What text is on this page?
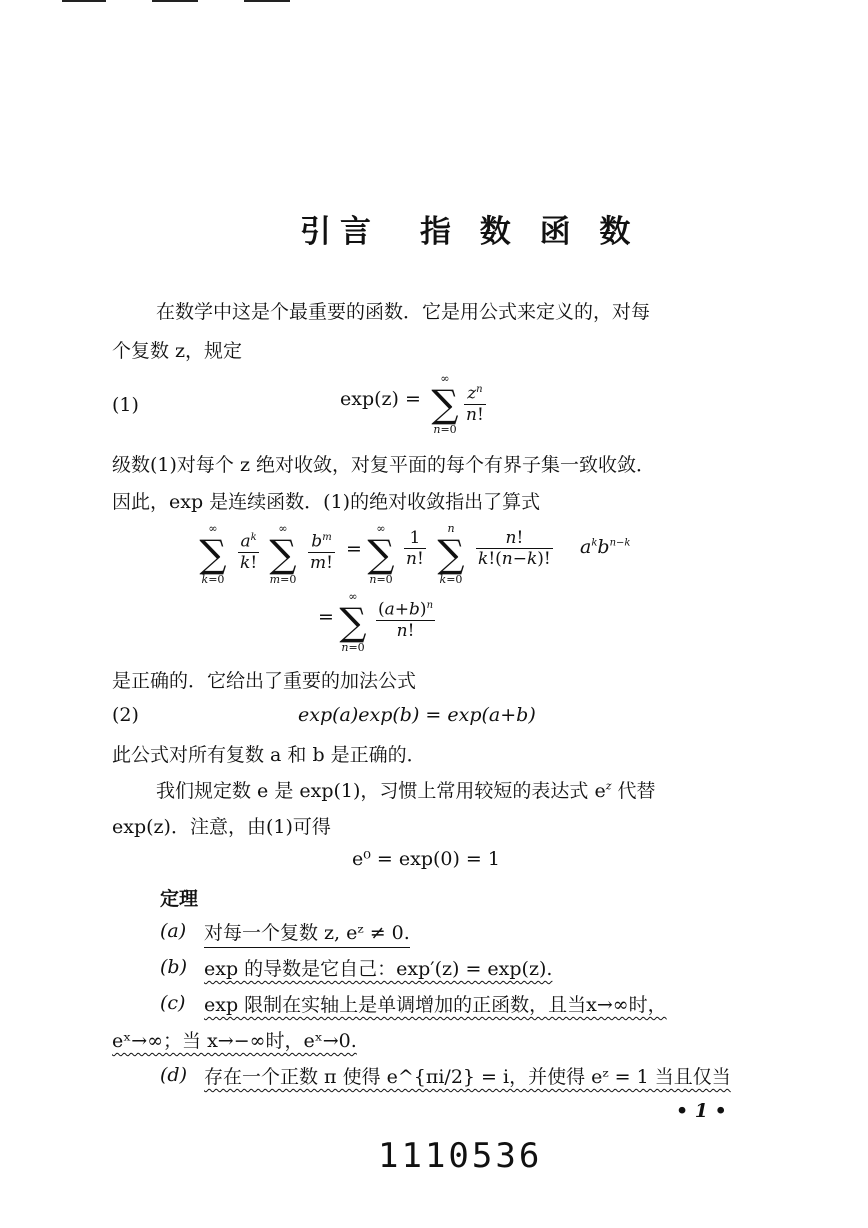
引言　指 数 函 数
在数学中这是个最重要的函数．它是用公式来定义的，对每
个复数 z，规定
(1)	exp(z) =
∞
∑
n=0
$\frac{z^n}{n!}$
级数(1)对每个 z 绝对收敛，对复平面的每个有界子集一致收敛．
因此，exp 是连续函数．(1)的绝对收敛指出了算式
∞
∑
k=0
$\frac{a^k}{k!}$	∞
∑
m=0
$\frac{b^m}{m!}$ =
∞
∑
n=0
$\frac{1}{n!}$	n
∑
k=0
$\frac{n!}{k!(n-k)!} a^kb^{n-k}$
=
∞
∑
n=0
$\frac{(a+b)^n}{n!}$
是正确的．它给出了重要的加法公式
(2)	exp(a)exp(b) = exp(a+b)
此公式对所有复数 a 和 b 是正确的．
我们规定数 e 是 exp(1)，习惯上常用较短的表达式 $e^z$ 代替
exp(z)．注意，由(1)可得
e⁰ = exp(0) = 1
定理
(a) 对每一个复数 z, eᶻ ≠ 0.
(b) exp 的导数是它自己：exp′(z) = exp(z).
(c) exp 限制在实轴上是单调增加的正函数，且当x→∞时，
eˣ→∞；当 x→−∞时，eˣ→0.
(d) 存在一个正数 π 使得 e^{πi/2} = i，并使得 eᶻ = 1 当且仅当
• 1 •
1110536
